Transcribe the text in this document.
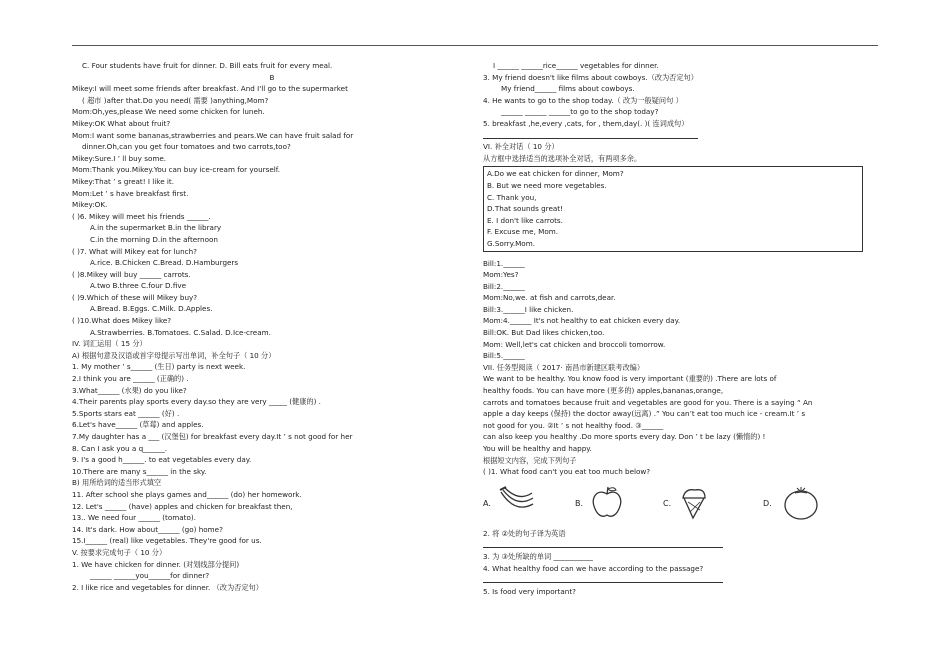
C. Four students have fruit for dinner. D. Bill eats fruit for every meal.
B
Mikey:I will meet some friends after breakfast. And I'll go to the supermarket
( 超市 )after that.Do you need( 需要 )anything,Mom?
Mom:Oh,yes,please We need some chicken for luneh.
Mikey:OK What about fruit?
Mom:I want some bananas,strawberries and pears.We can have fruit salad for
dinner.Oh,can you get four tomatoes and two carrots,too?
Mikey:Sure.I ’ ll buy some.
Mom:Thank you.Mikey.You can buy ice-cream for yourself.
Mikey:That ’ s great! I like it.
Mom:Let ’ s have breakfast first.
Mikey:OK.
( )6. Mikey will meet his friends ______.
A.in the supermarket B.in the library
C.in the morning D.in the afternoon
( )7. What will Mikey eat for lunch?
A.rice. B.Chicken C.Bread. D.Hamburgers
( )8.Mikey will buy ______ carrots.
A.two B.three C.four D.five
( )9.Which of these will Mikey buy?
A.Bread. B.Eggs. C.Milk. D.Apples.
( )10.What does Mikey like?
A.Strawberries. B.Tomatoes. C.Salad. D.Ice-cream.
IV. 词汇运用（ 15 分）
A) 根据句意及汉语或首字母提示写出单词，补全句子（ 10 分）
1. My mother ’ s______ (生日) party is next week.
2.I think you are ______ (正确的) .
3.What______ (水果) do you like?
4.Their parents play sports every day.so they are very _____ (健康的) .
5.Sports stars eat ______ (好) .
6.Let's have______ (草莓) and apples.
7.My daughter has a ___ (汉堡包) for breakfast every day.It ’ s not good for her
8. Can I ask you a q______.
9. I's a good h______. to eat vegetables every day.
10.There are many s______ in the sky.
B) 用所给词的适当形式填空
11. After school she plays games and______ (do) her homework.
12. Let's ______ (have) apples and chicken for breakfast then,
13.. We need four ______ (tomato).
14. It's dark. How about______ (go) home?
15.I______ (real) like vegetables. They're good for us.
V. 按要求完成句子（ 10 分）
1. We have chicken for dinner. (对划线部分提问)
______ ______you______for dinner?
2. I like rice and vegetables for dinner. （改为否定句）
I ______ ______rice______ vegetables for dinner.
3. My friend doesn't like films about cowboys.（改为否定句）
My friend______ films about cowboys.
4. He wants to go to the shop today.（ 改为一般疑问句 ）
______ ______ ______to go to the shop today?
5. breakfast ,he,every ,cats, for , them,day(. )( 连词成句）
VI. 补全对话（ 10 分）
从方框中选择适当的选项补全对话，有两项多余。
A.Do we eat chicken for dinner, Mom?
B. But we need more vegetables.
C. Thank you,
D.That sounds great!
E. I don't like carrots.
F. Excuse me, Mom.
G.Sorry.Mom.
Bill:1.______
Mom:Yes?
Bill:2.______
Mom:No,we. at fish and carrots,dear.
Bill:3.______I like chicken.
Mom:4.______ It's not healthy to eat chicken every day.
Bill:OK. But Dad likes chicken,too.
Mom: Well,let's cat chicken and broccoli tomorrow.
Bill:5.______
VII. 任务型阅读（ 2017· 南昌市新建区联考改编）
We want to be healthy. You know food is very important (重要的) .There are lots of
healthy foods. You can have more (更多的) apples,bananas,orange,
carrots and tomatoes because fruit and vegetables are good for you. There is a saying “ An
apple a day keeps (保持) the doctor away(远离) .” You can’t eat too much ice - cream.It ’ s
not good for you. ②It ’ s not healthy food. ③______
can also keep you healthy .Do more sports every day. Don ’ t be lazy (懒惰的) !
You will be healthy and happy.
根据短文内容，完成下列句子
( )1. What food can't you eat too much below?
A.	B.	C.	D.
2. 将 ②处的句子译为英语
3. 为 ③处所缺的单词 ___________
4. What healthy food can we have according to the passage?
5. Is food very important?
